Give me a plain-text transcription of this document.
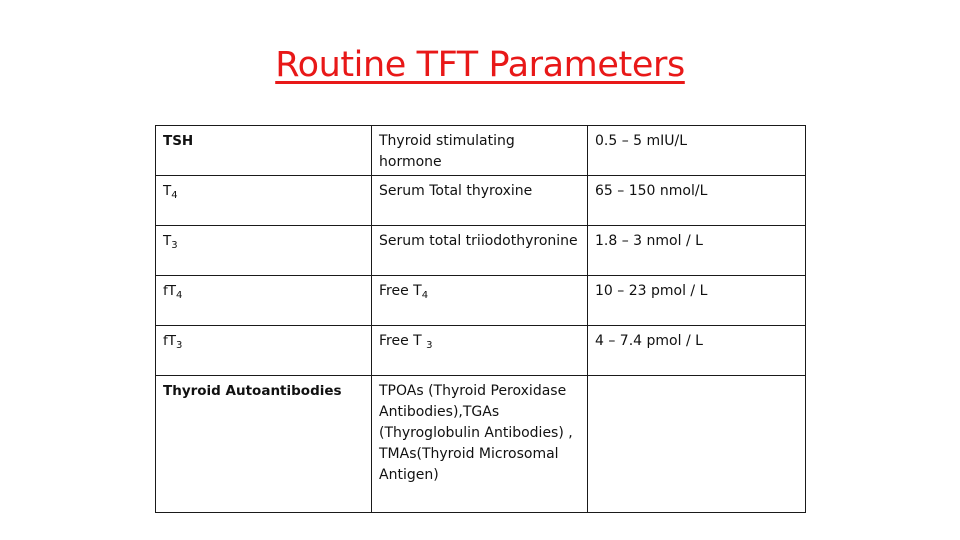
Routine TFT Parameters
TSH	Thyroid stimulating hormone	0.5 – 5 mIU/L
$T_4$	Serum Total thyroxine	65 – 150 nmol/L
$T_3$	Serum total triiodothyronine	1.8 – 3 nmol / L
$fT_4$	Free $T_4$	10 – 23 pmol / L
$fT_3$	Free T $_3$	4 – 7.4 pmol / L
Thyroid Autoantibodies	TPOAs (Thyroid Peroxidase Antibodies),TGAs (Thyroglobulin Antibodies) , TMAs(Thyroid Microsomal Antigen)	
